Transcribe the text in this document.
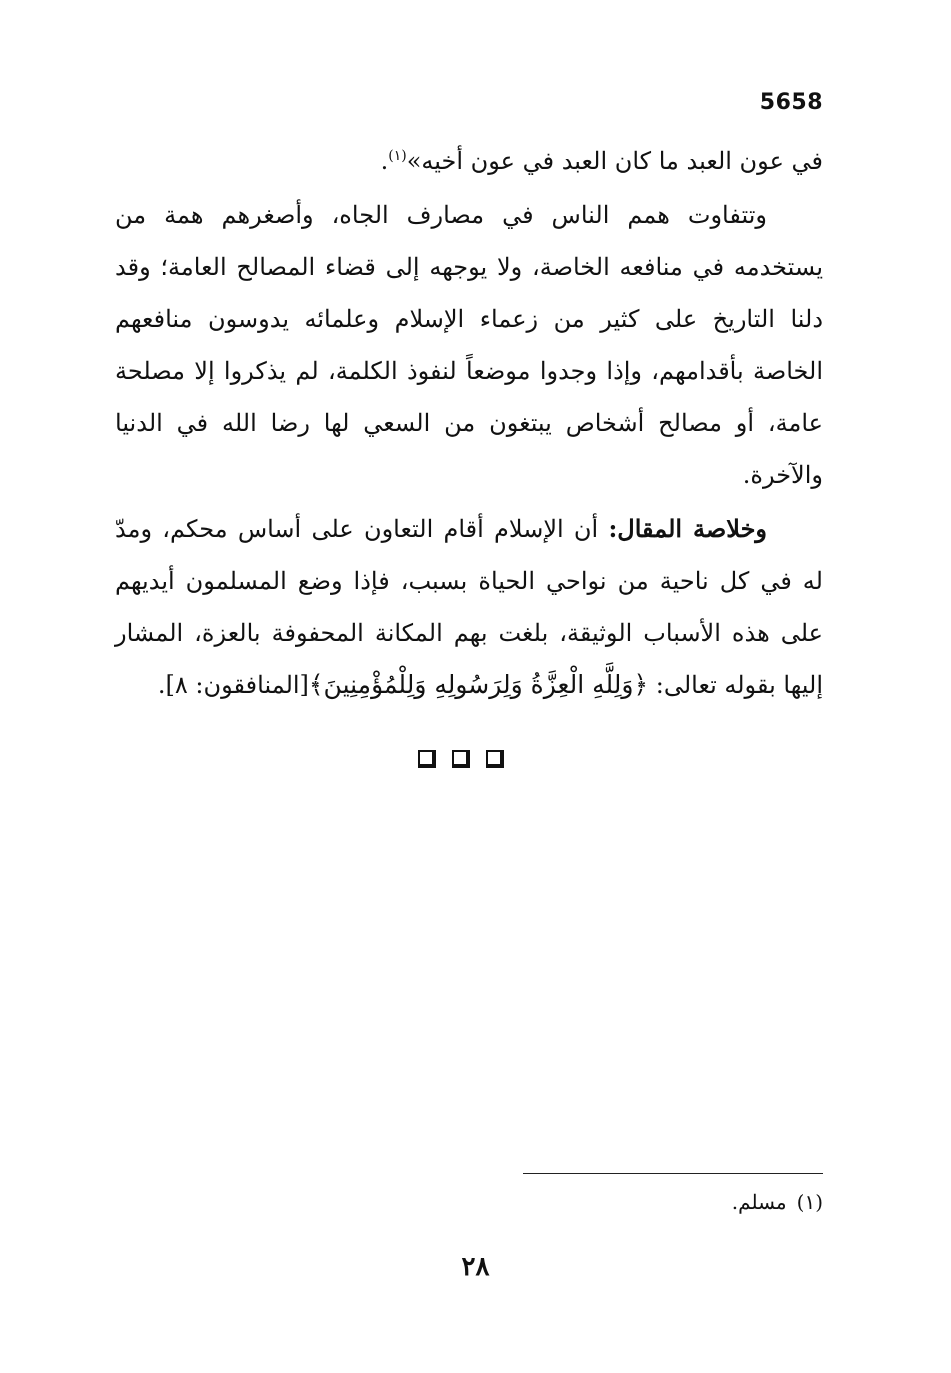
5658

في عون العبد ما كان العبد في عون أخيه»$^{(١)}$.

وتتفاوت همم الناس في مصارف الجاه، وأصغرهم همة من يستخدمه في منافعه الخاصة، ولا يوجهه إلى قضاء المصالح العامة؛ وقد دلنا التاريخ على كثير من زعماء الإسلام وعلمائه يدوسون منافعهم الخاصة بأقدامهم، وإذا وجدوا موضعاً لنفوذ الكلمة، لم يذكروا إلا مصلحة عامة، أو مصالح أشخاص يبتغون من السعي لها رضا الله في الدنيا والآخرة.

وخلاصة المقال: أن الإسلام أقام التعاون على أساس محكم، ومدّ له في كل ناحية من نواحي الحياة بسبب، فإذا وضع المسلمون أيديهم على هذه الأسباب الوثيقة، بلغت بهم المكانة المحفوفة بالعزة، المشار إليها بقوله تعالى: ﴿وَلِلَّهِ الْعِزَّةُ وَلِرَسُولِهِ وَلِلْمُؤْمِنِينَ﴾[المنافقون: ٨].

(١)مسلم.
٢٨
